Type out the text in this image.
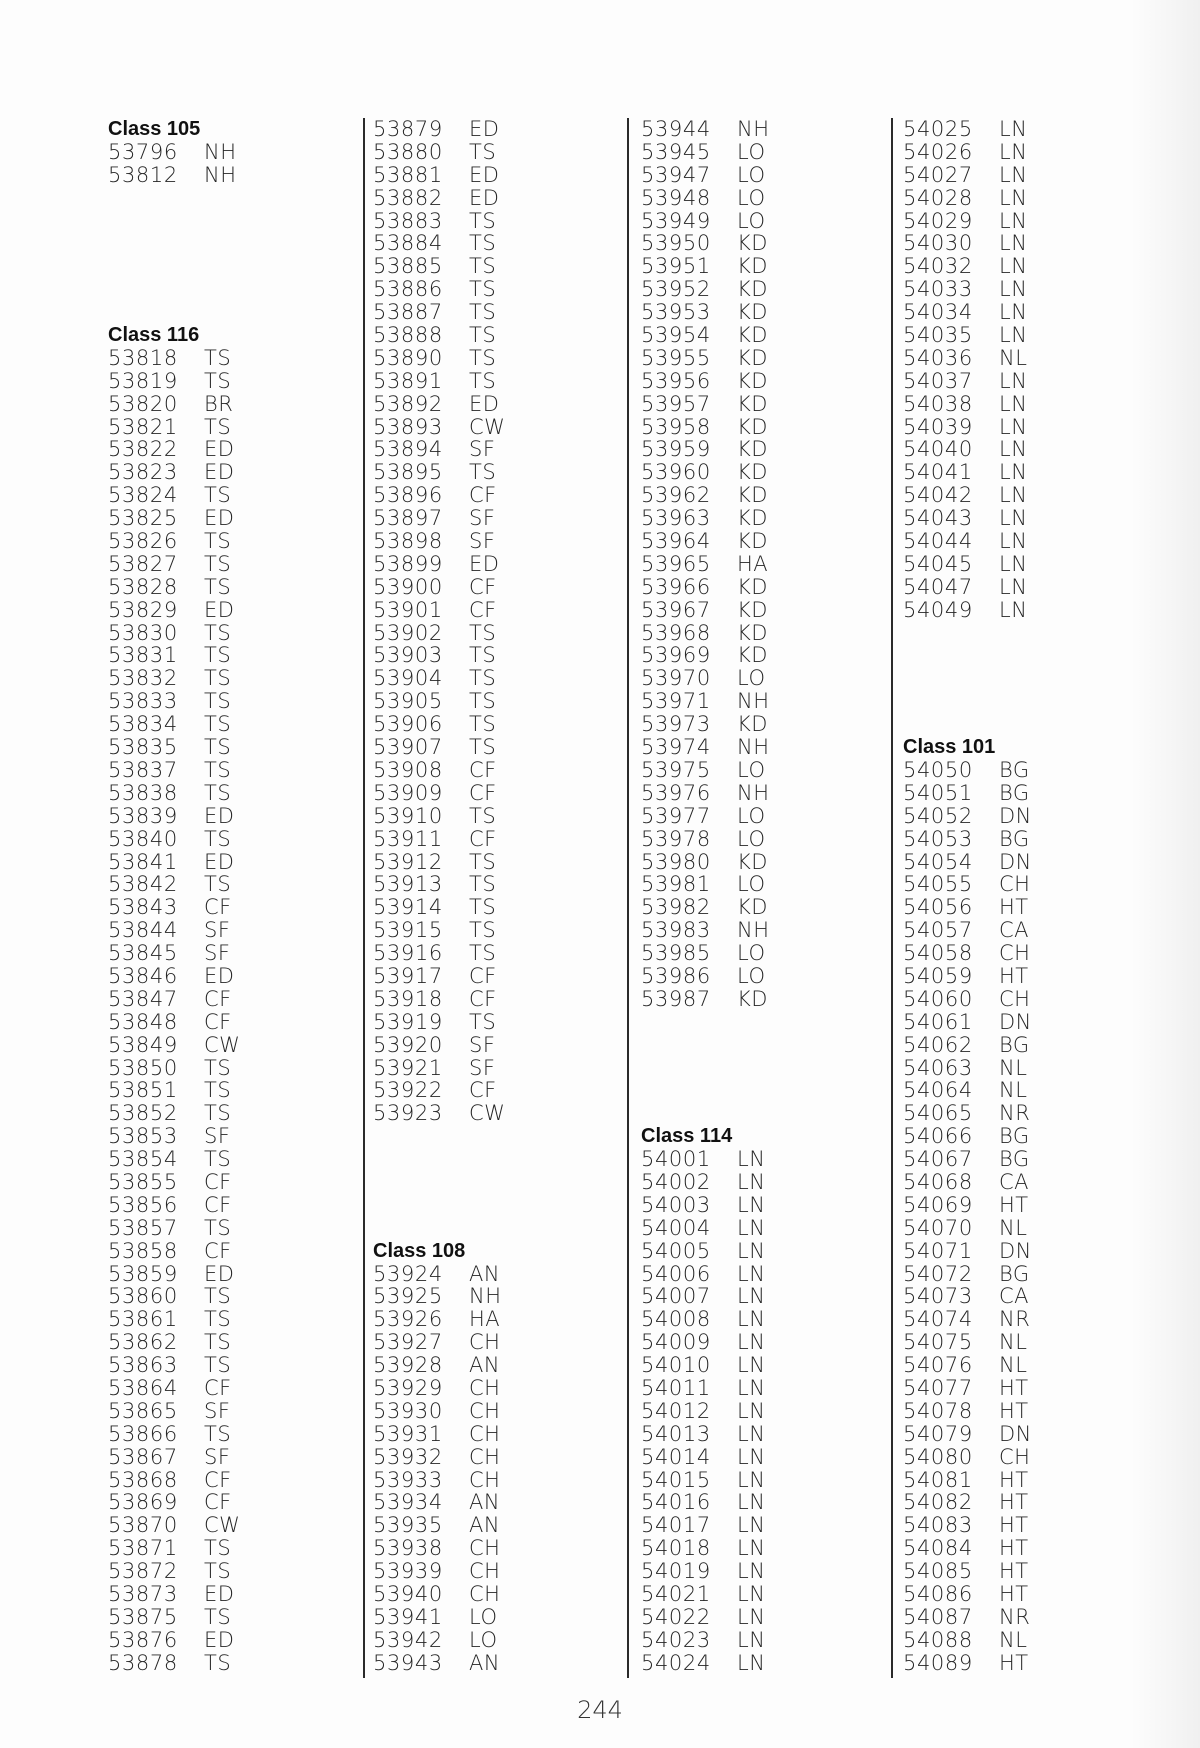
Class 105
53796 NH
53812 NH
Class 116
53818 TS
53819 TS
53820 BR
53821 TS
53822 ED
53823 ED
53824 TS
53825 ED
53826 TS
53827 TS
53828 TS
53829 ED
53830 TS
53831 TS
53832 TS
53833 TS
53834 TS
53835 TS
53837 TS
53838 TS
53839 ED
53840 TS
53841 ED
53842 TS
53843 CF
53844 SF
53845 SF
53846 ED
53847 CF
53848 CF
53849 CW
53850 TS
53851 TS
53852 TS
53853 SF
53854 TS
53855 CF
53856 CF
53857 TS
53858 CF
53859 ED
53860 TS
53861 TS
53862 TS
53863 TS
53864 CF
53865 SF
53866 TS
53867 SF
53868 CF
53869 CF
53870 CW
53871 TS
53872 TS
53873 ED
53875 TS
53876 ED
53878 TS
53879 ED
53880 TS
53881 ED
53882 ED
53883 TS
53884 TS
53885 TS
53886 TS
53887 TS
53888 TS
53890 TS
53891 TS
53892 ED
53893 CW
53894 SF
53895 TS
53896 CF
53897 SF
53898 SF
53899 ED
53900 CF
53901 CF
53902 TS
53903 TS
53904 TS
53905 TS
53906 TS
53907 TS
53908 CF
53909 CF
53910 TS
53911 CF
53912 TS
53913 TS
53914 TS
53915 TS
53916 TS
53917 CF
53918 CF
53919 TS
53920 SF
53921 SF
53922 CF
53923 CW
Class 108
53924 AN
53925 NH
53926 HA
53927 CH
53928 AN
53929 CH
53930 CH
53931 CH
53932 CH
53933 CH
53934 AN
53935 AN
53938 CH
53939 CH
53940 CH
53941 LO
53942 LO
53943 AN
53944 NH
53945 LO
53947 LO
53948 LO
53949 LO
53950 KD
53951 KD
53952 KD
53953 KD
53954 KD
53955 KD
53956 KD
53957 KD
53958 KD
53959 KD
53960 KD
53962 KD
53963 KD
53964 KD
53965 HA
53966 KD
53967 KD
53968 KD
53969 KD
53970 LO
53971 NH
53973 KD
53974 NH
53975 LO
53976 NH
53977 LO
53978 LO
53980 KD
53981 LO
53982 KD
53983 NH
53985 LO
53986 LO
53987 KD
Class 114
54001 LN
54002 LN
54003 LN
54004 LN
54005 LN
54006 LN
54007 LN
54008 LN
54009 LN
54010 LN
54011 LN
54012 LN
54013 LN
54014 LN
54015 LN
54016 LN
54017 LN
54018 LN
54019 LN
54021 LN
54022 LN
54023 LN
54024 LN
54025 LN
54026 LN
54027 LN
54028 LN
54029 LN
54030 LN
54032 LN
54033 LN
54034 LN
54035 LN
54036 NL
54037 LN
54038 LN
54039 LN
54040 LN
54041 LN
54042 LN
54043 LN
54044 LN
54045 LN
54047 LN
54049 LN
Class 101
54050 BG
54051 BG
54052 DN
54053 BG
54054 DN
54055 CH
54056 HT
54057 CA
54058 CH
54059 HT
54060 CH
54061 DN
54062 BG
54063 NL
54064 NL
54065 NR
54066 BG
54067 BG
54068 CA
54069 HT
54070 NL
54071 DN
54072 BG
54073 CA
54074 NR
54075 NL
54076 NL
54077 HT
54078 HT
54079 DN
54080 CH
54081 HT
54082 HT
54083 HT
54084 HT
54085 HT
54086 HT
54087 NR
54088 NL
54089 HT
244
